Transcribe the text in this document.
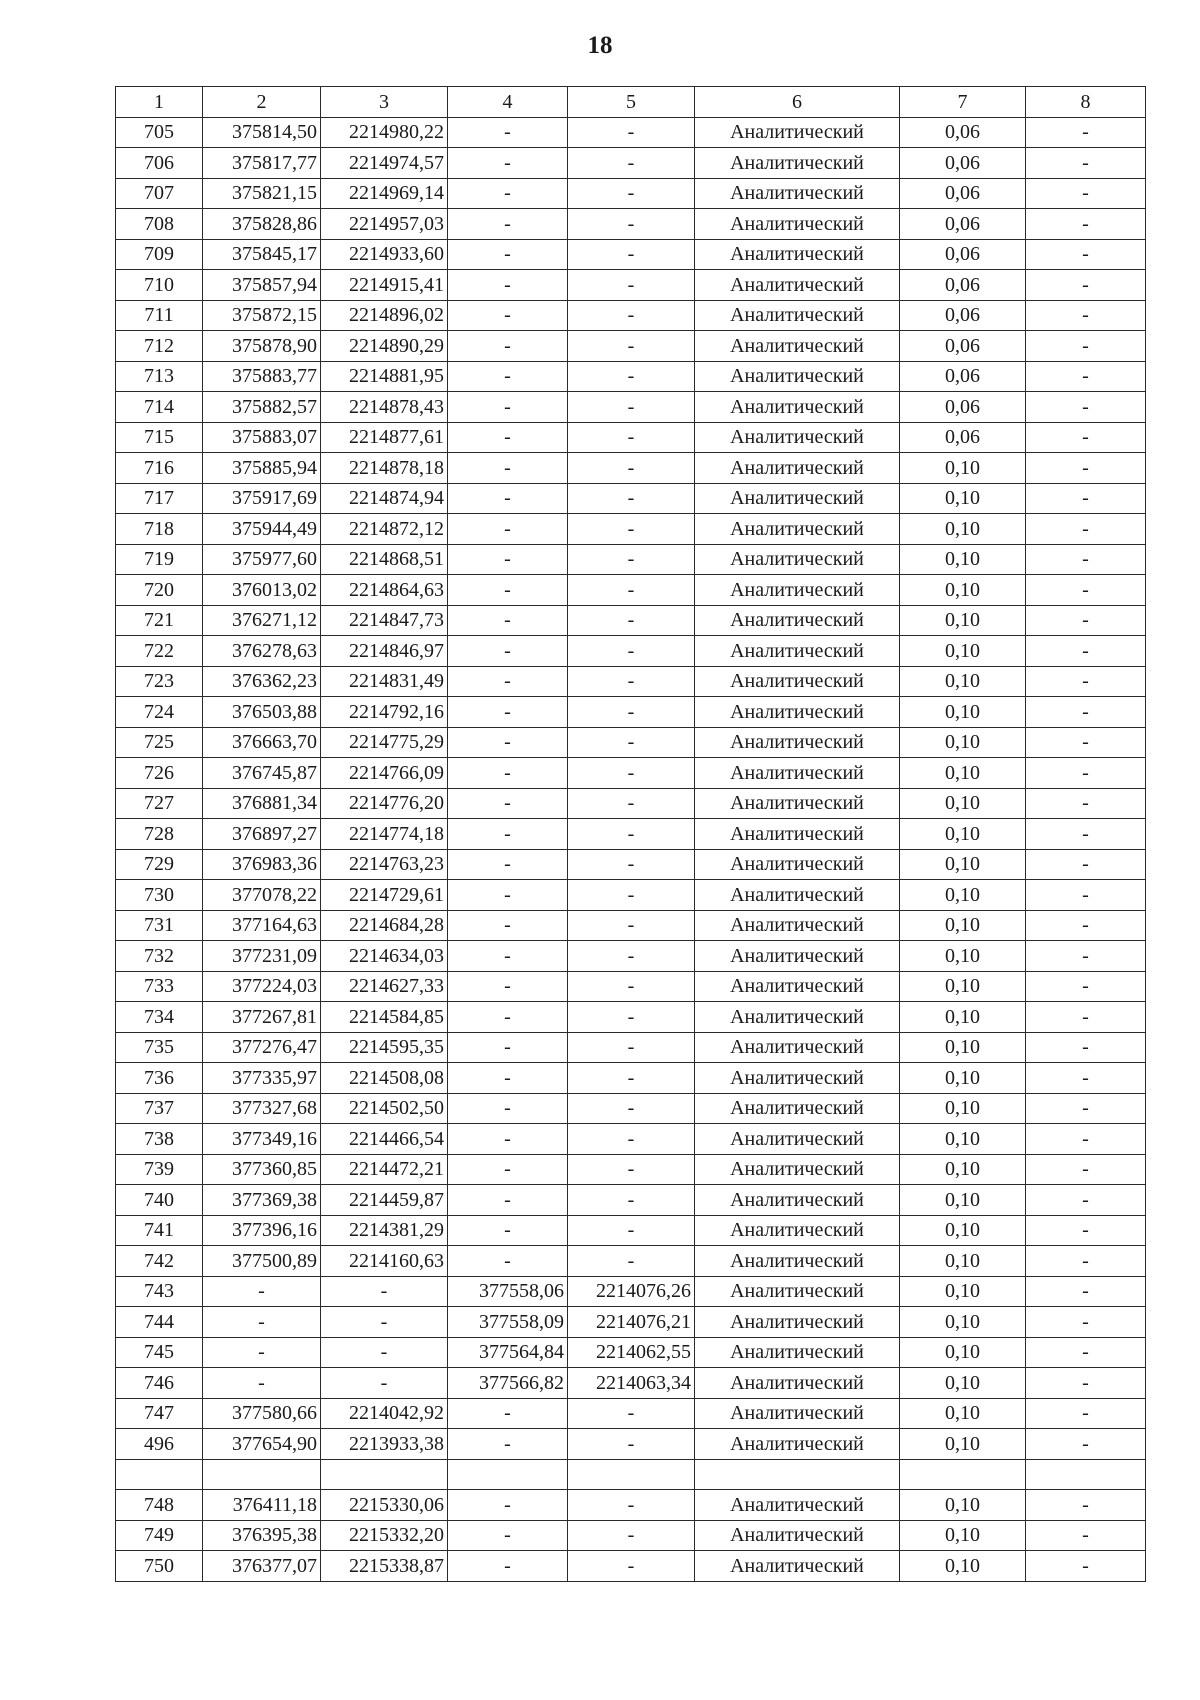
18
1	2	3	4	5	6	7	8
705	375814,50	2214980,22	-	-	Аналитический	0,06	-
706	375817,77	2214974,57	-	-	Аналитический	0,06	-
707	375821,15	2214969,14	-	-	Аналитический	0,06	-
708	375828,86	2214957,03	-	-	Аналитический	0,06	-
709	375845,17	2214933,60	-	-	Аналитический	0,06	-
710	375857,94	2214915,41	-	-	Аналитический	0,06	-
711	375872,15	2214896,02	-	-	Аналитический	0,06	-
712	375878,90	2214890,29	-	-	Аналитический	0,06	-
713	375883,77	2214881,95	-	-	Аналитический	0,06	-
714	375882,57	2214878,43	-	-	Аналитический	0,06	-
715	375883,07	2214877,61	-	-	Аналитический	0,06	-
716	375885,94	2214878,18	-	-	Аналитический	0,10	-
717	375917,69	2214874,94	-	-	Аналитический	0,10	-
718	375944,49	2214872,12	-	-	Аналитический	0,10	-
719	375977,60	2214868,51	-	-	Аналитический	0,10	-
720	376013,02	2214864,63	-	-	Аналитический	0,10	-
721	376271,12	2214847,73	-	-	Аналитический	0,10	-
722	376278,63	2214846,97	-	-	Аналитический	0,10	-
723	376362,23	2214831,49	-	-	Аналитический	0,10	-
724	376503,88	2214792,16	-	-	Аналитический	0,10	-
725	376663,70	2214775,29	-	-	Аналитический	0,10	-
726	376745,87	2214766,09	-	-	Аналитический	0,10	-
727	376881,34	2214776,20	-	-	Аналитический	0,10	-
728	376897,27	2214774,18	-	-	Аналитический	0,10	-
729	376983,36	2214763,23	-	-	Аналитический	0,10	-
730	377078,22	2214729,61	-	-	Аналитический	0,10	-
731	377164,63	2214684,28	-	-	Аналитический	0,10	-
732	377231,09	2214634,03	-	-	Аналитический	0,10	-
733	377224,03	2214627,33	-	-	Аналитический	0,10	-
734	377267,81	2214584,85	-	-	Аналитический	0,10	-
735	377276,47	2214595,35	-	-	Аналитический	0,10	-
736	377335,97	2214508,08	-	-	Аналитический	0,10	-
737	377327,68	2214502,50	-	-	Аналитический	0,10	-
738	377349,16	2214466,54	-	-	Аналитический	0,10	-
739	377360,85	2214472,21	-	-	Аналитический	0,10	-
740	377369,38	2214459,87	-	-	Аналитический	0,10	-
741	377396,16	2214381,29	-	-	Аналитический	0,10	-
742	377500,89	2214160,63	-	-	Аналитический	0,10	-
743	-	-	377558,06	2214076,26	Аналитический	0,10	-
744	-	-	377558,09	2214076,21	Аналитический	0,10	-
745	-	-	377564,84	2214062,55	Аналитический	0,10	-
746	-	-	377566,82	2214063,34	Аналитический	0,10	-
747	377580,66	2214042,92	-	-	Аналитический	0,10	-
496	377654,90	2213933,38	-	-	Аналитический	0,10	-

748	376411,18	2215330,06	-	-	Аналитический	0,10	-
749	376395,38	2215332,20	-	-	Аналитический	0,10	-
750	376377,07	2215338,87	-	-	Аналитический	0,10	-
